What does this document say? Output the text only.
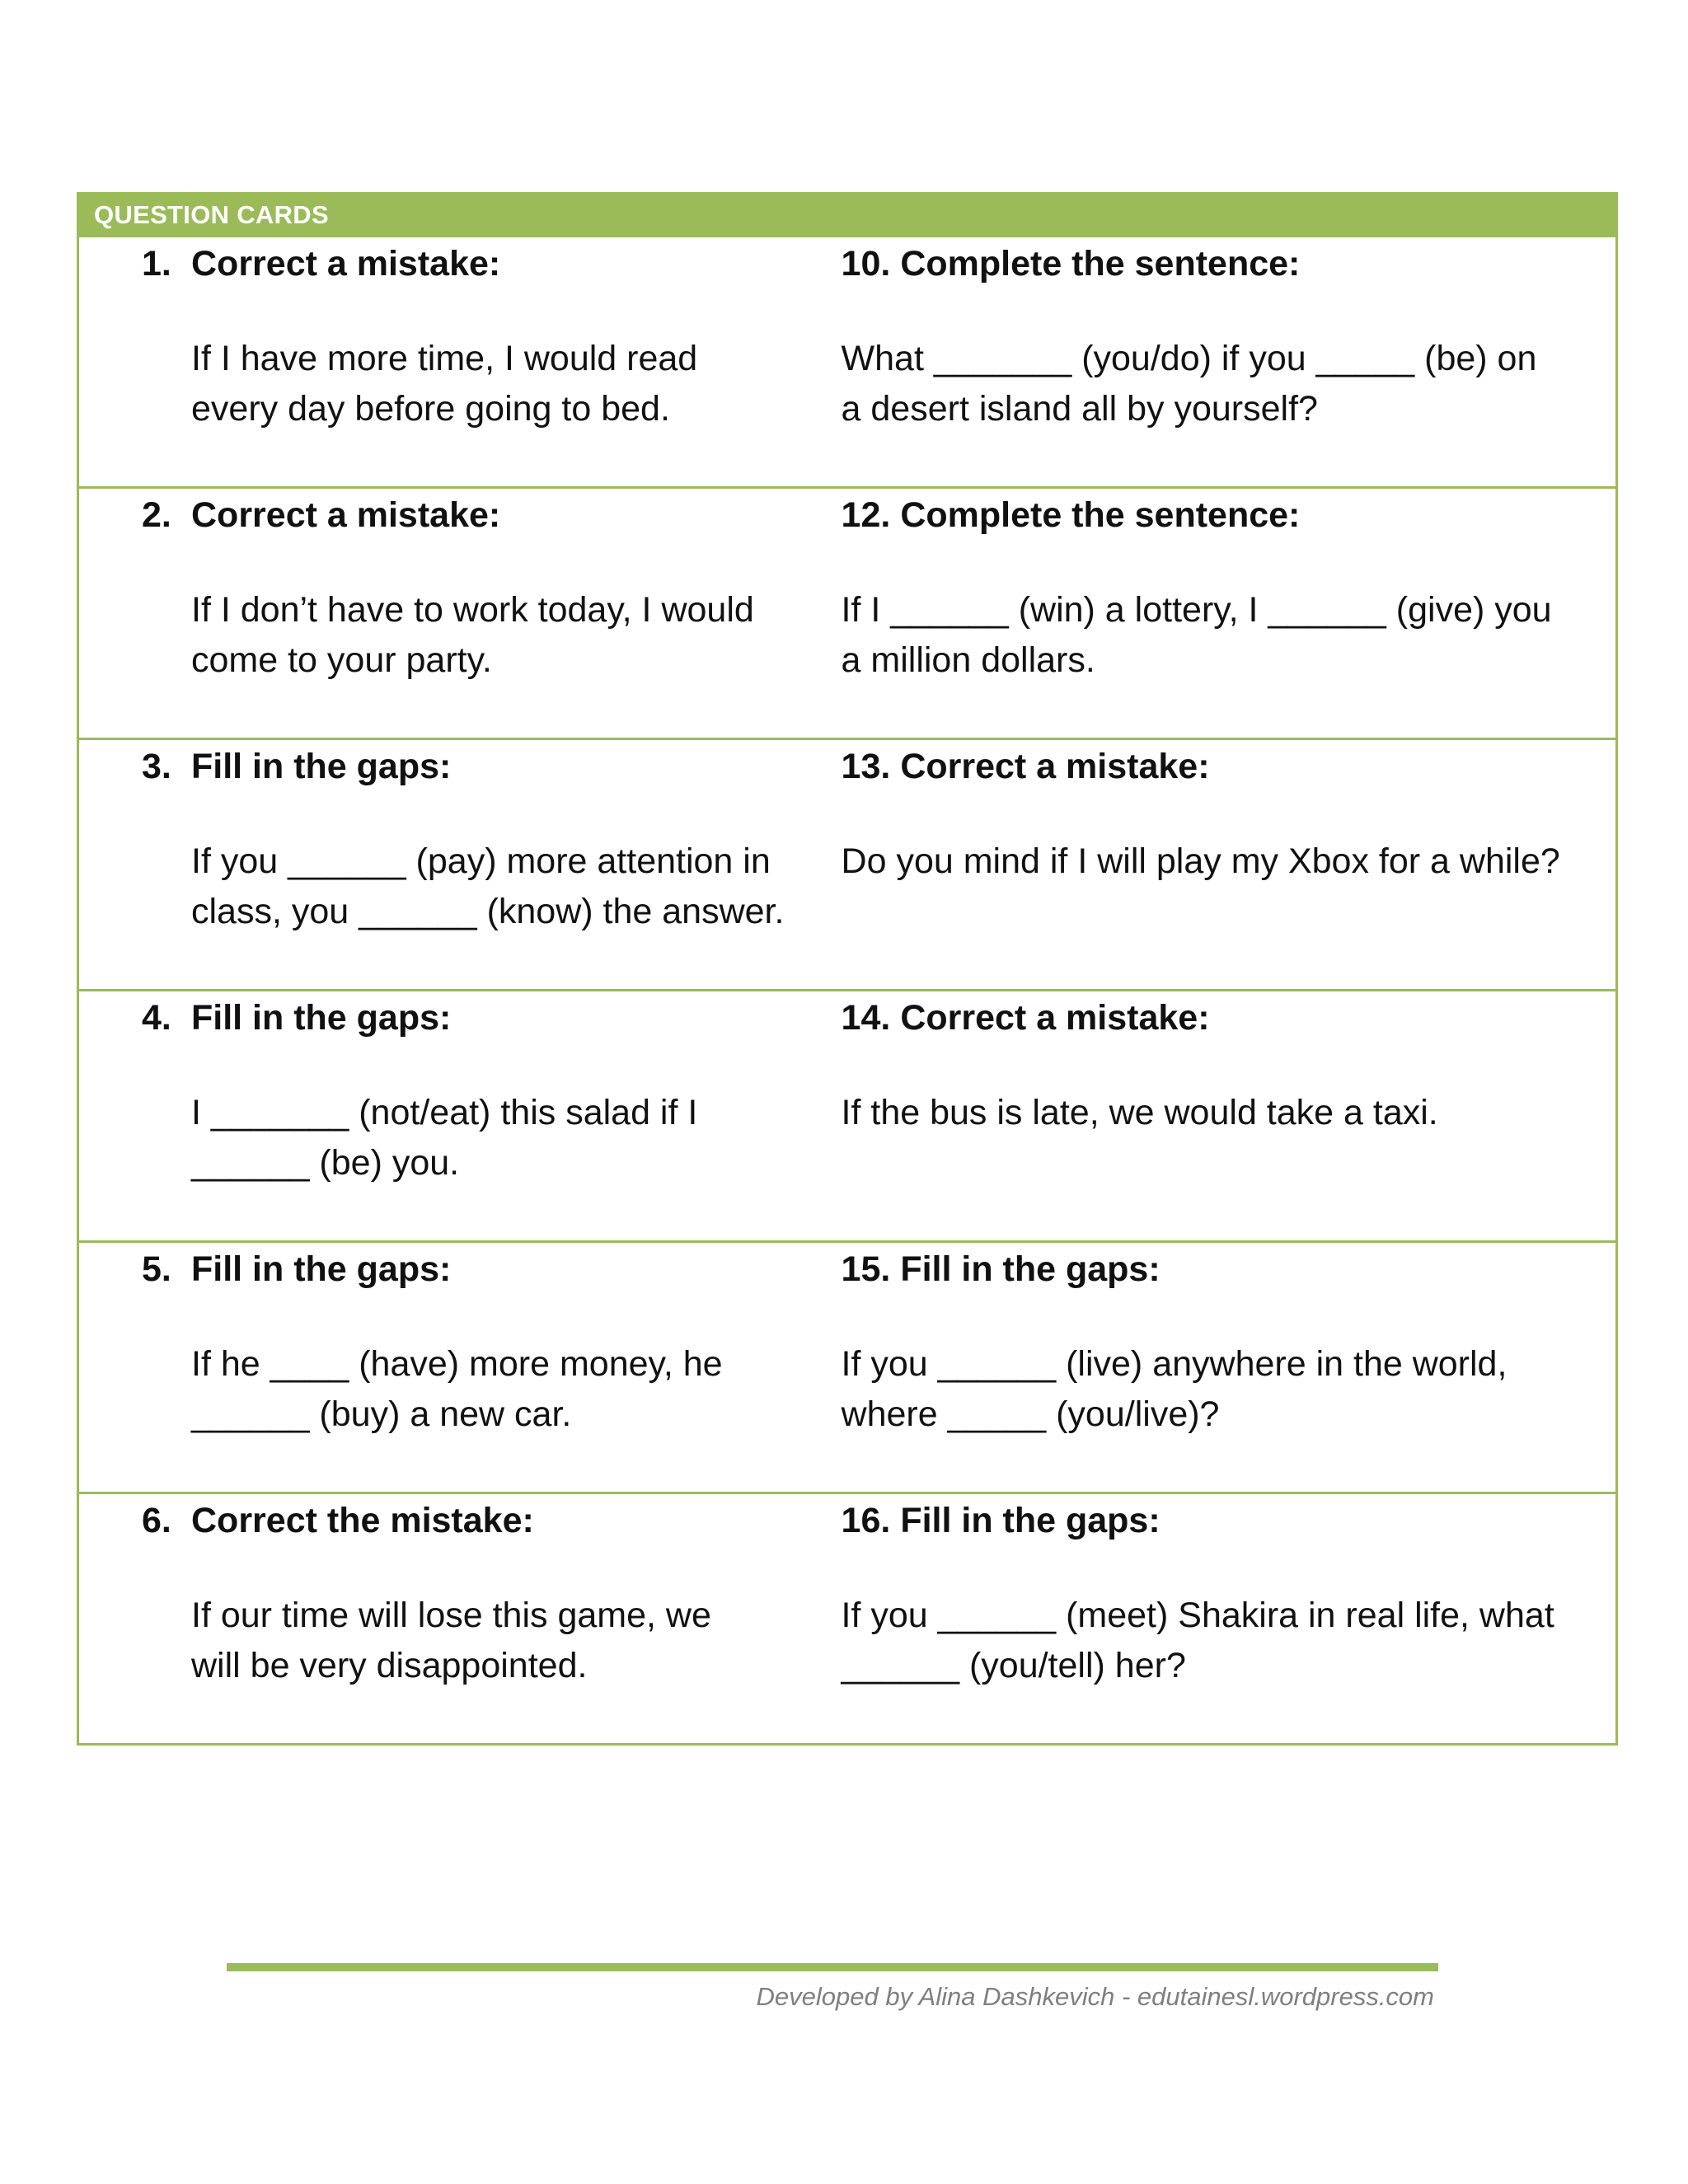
QUESTION CARDS
1. Correct a mistake:
If I have more time, I would read
every day before going to bed.
10. Complete the sentence:
What _______ (you/do) if you _____ (be) on
a desert island all by yourself?
2. Correct a mistake:
If I don’t have to work today, I would
come to your party.
12. Complete the sentence:
If I ______ (win) a lottery, I ______ (give) you
a million dollars.
3. Fill in the gaps:
If you ______ (pay) more attention in
class, you ______ (know) the answer.
13. Correct a mistake:
Do you mind if I will play my Xbox for a while?
4. Fill in the gaps:
I _______ (not/eat) this salad if I
______ (be) you.
14. Correct a mistake:
If the bus is late, we would take a taxi.
5. Fill in the gaps:
If he ____ (have) more money, he
______ (buy) a new car.
15. Fill in the gaps:
If you ______ (live) anywhere in the world,
where _____ (you/live)?
6. Correct the mistake:
If our time will lose this game, we
will be very disappointed.
16. Fill in the gaps:
If you ______ (meet) Shakira in real life, what
______ (you/tell) her?
Developed by Alina Dashkevich - edutainesl.wordpress.com
